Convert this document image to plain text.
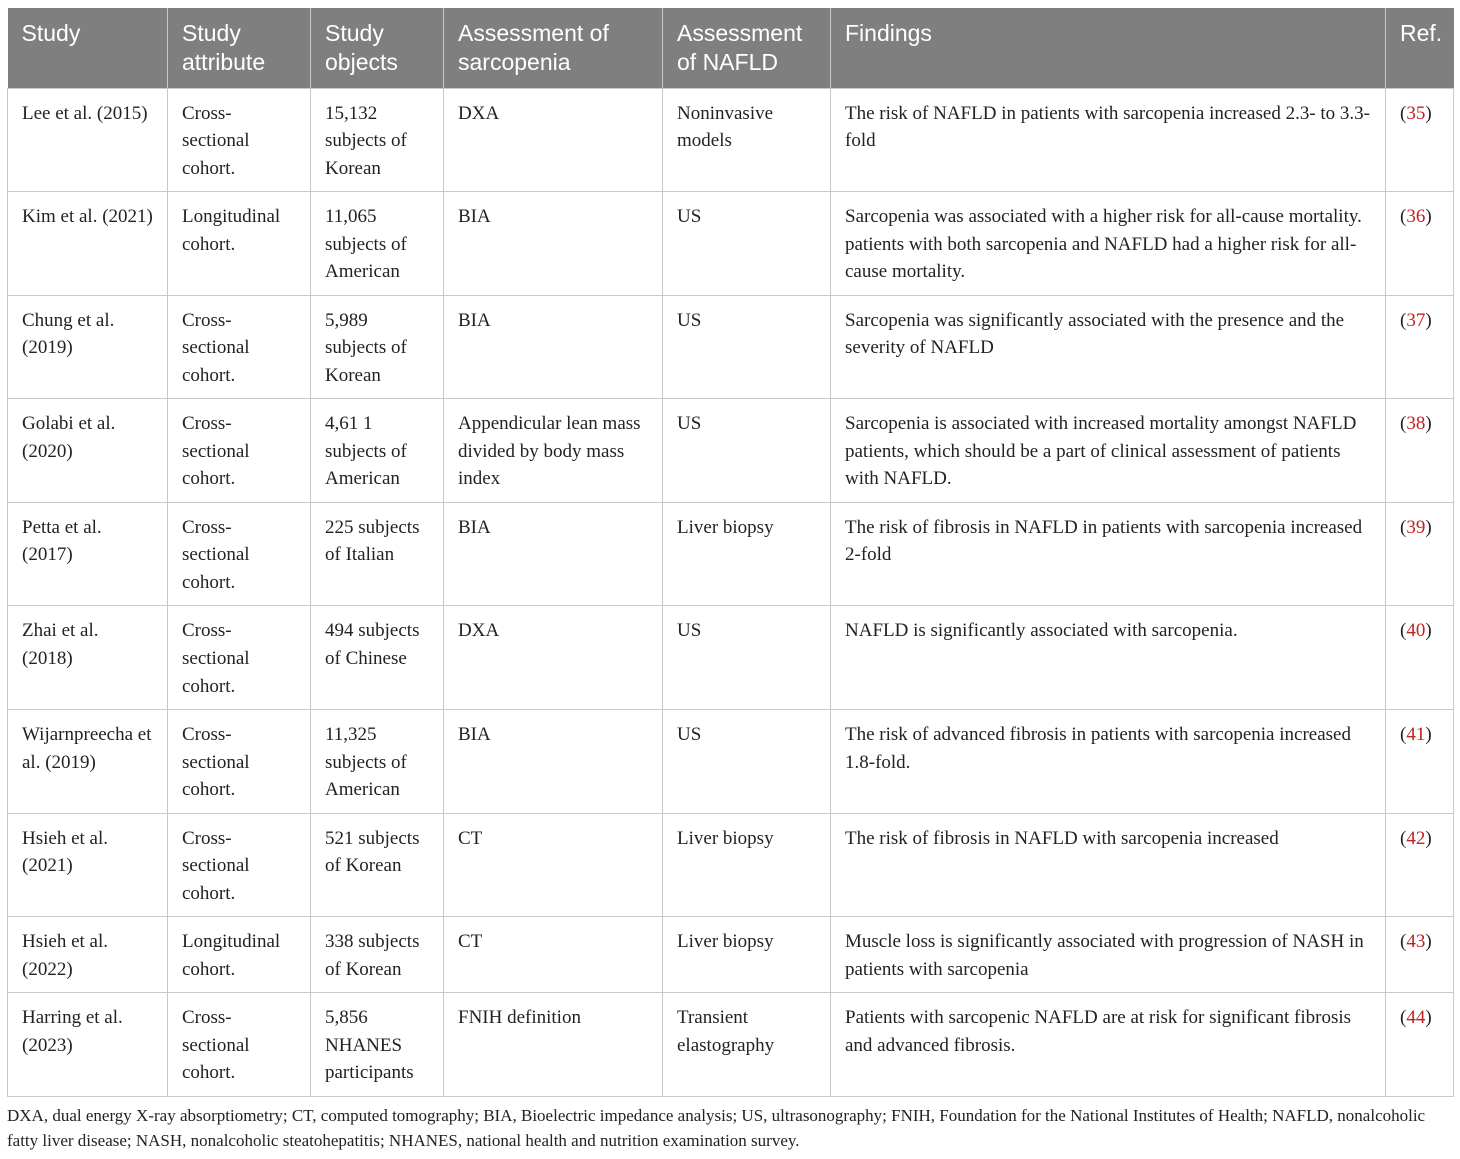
Study	Study attribute	Study objects	Assessment of sarcopenia	Assessment of NAFLD	Findings	Ref.
Lee et al. (2015)	Cross-sectional cohort.	15,132 subjects of Korean	DXA	Noninvasive models	The risk of NAFLD in patients with sarcopenia increased 2.3- to 3.3-fold	(35)
Kim et al. (2021)	Longitudinal cohort.	11,065 subjects of American	BIA	US	Sarcopenia was associated with a higher risk for all-cause mortality. patients with both sarcopenia and NAFLD had a higher risk for all-cause mortality.	(36)
Chung et al. (2019)	Cross-sectional cohort.	5,989 subjects of Korean	BIA	US	Sarcopenia was significantly associated with the presence and the severity of NAFLD	(37)
Golabi et al. (2020)	Cross-sectional cohort.	4,61 1 subjects of American	Appendicular lean mass divided by body mass index	US	Sarcopenia is associated with increased mortality amongst NAFLD patients, which should be a part of clinical assessment of patients with NAFLD.	(38)
Petta et al. (2017)	Cross-sectional cohort.	225 subjects of Italian	BIA	Liver biopsy	The risk of fibrosis in NAFLD in patients with sarcopenia increased 2-fold	(39)
Zhai et al. (2018)	Cross-sectional cohort.	494 subjects of Chinese	DXA	US	NAFLD is significantly associated with sarcopenia.	(40)
Wijarnpreecha et al. (2019)	Cross-sectional cohort.	11,325 subjects of American	BIA	US	The risk of advanced fibrosis in patients with sarcopenia increased 1.8-fold.	(41)
Hsieh et al. (2021)	Cross-sectional cohort.	521 subjects of Korean	CT	Liver biopsy	The risk of fibrosis in NAFLD with sarcopenia increased	(42)
Hsieh et al. (2022)	Longitudinal cohort.	338 subjects of Korean	CT	Liver biopsy	Muscle loss is significantly associated with progression of NASH in patients with sarcopenia	(43)
Harring et al. (2023)	Cross-sectional cohort.	5,856 NHANES participants	FNIH definition	Transient elastography	Patients with sarcopenic NAFLD are at risk for significant fibrosis and advanced fibrosis.	(44)
DXA, dual energy X-ray absorptiometry; CT, computed tomography; BIA, Bioelectric impedance analysis; US, ultrasonography; FNIH, Foundation for the National Institutes of Health; NAFLD, nonalcoholic fatty liver disease; NASH, nonalcoholic steatohepatitis; NHANES, national health and nutrition examination survey.
